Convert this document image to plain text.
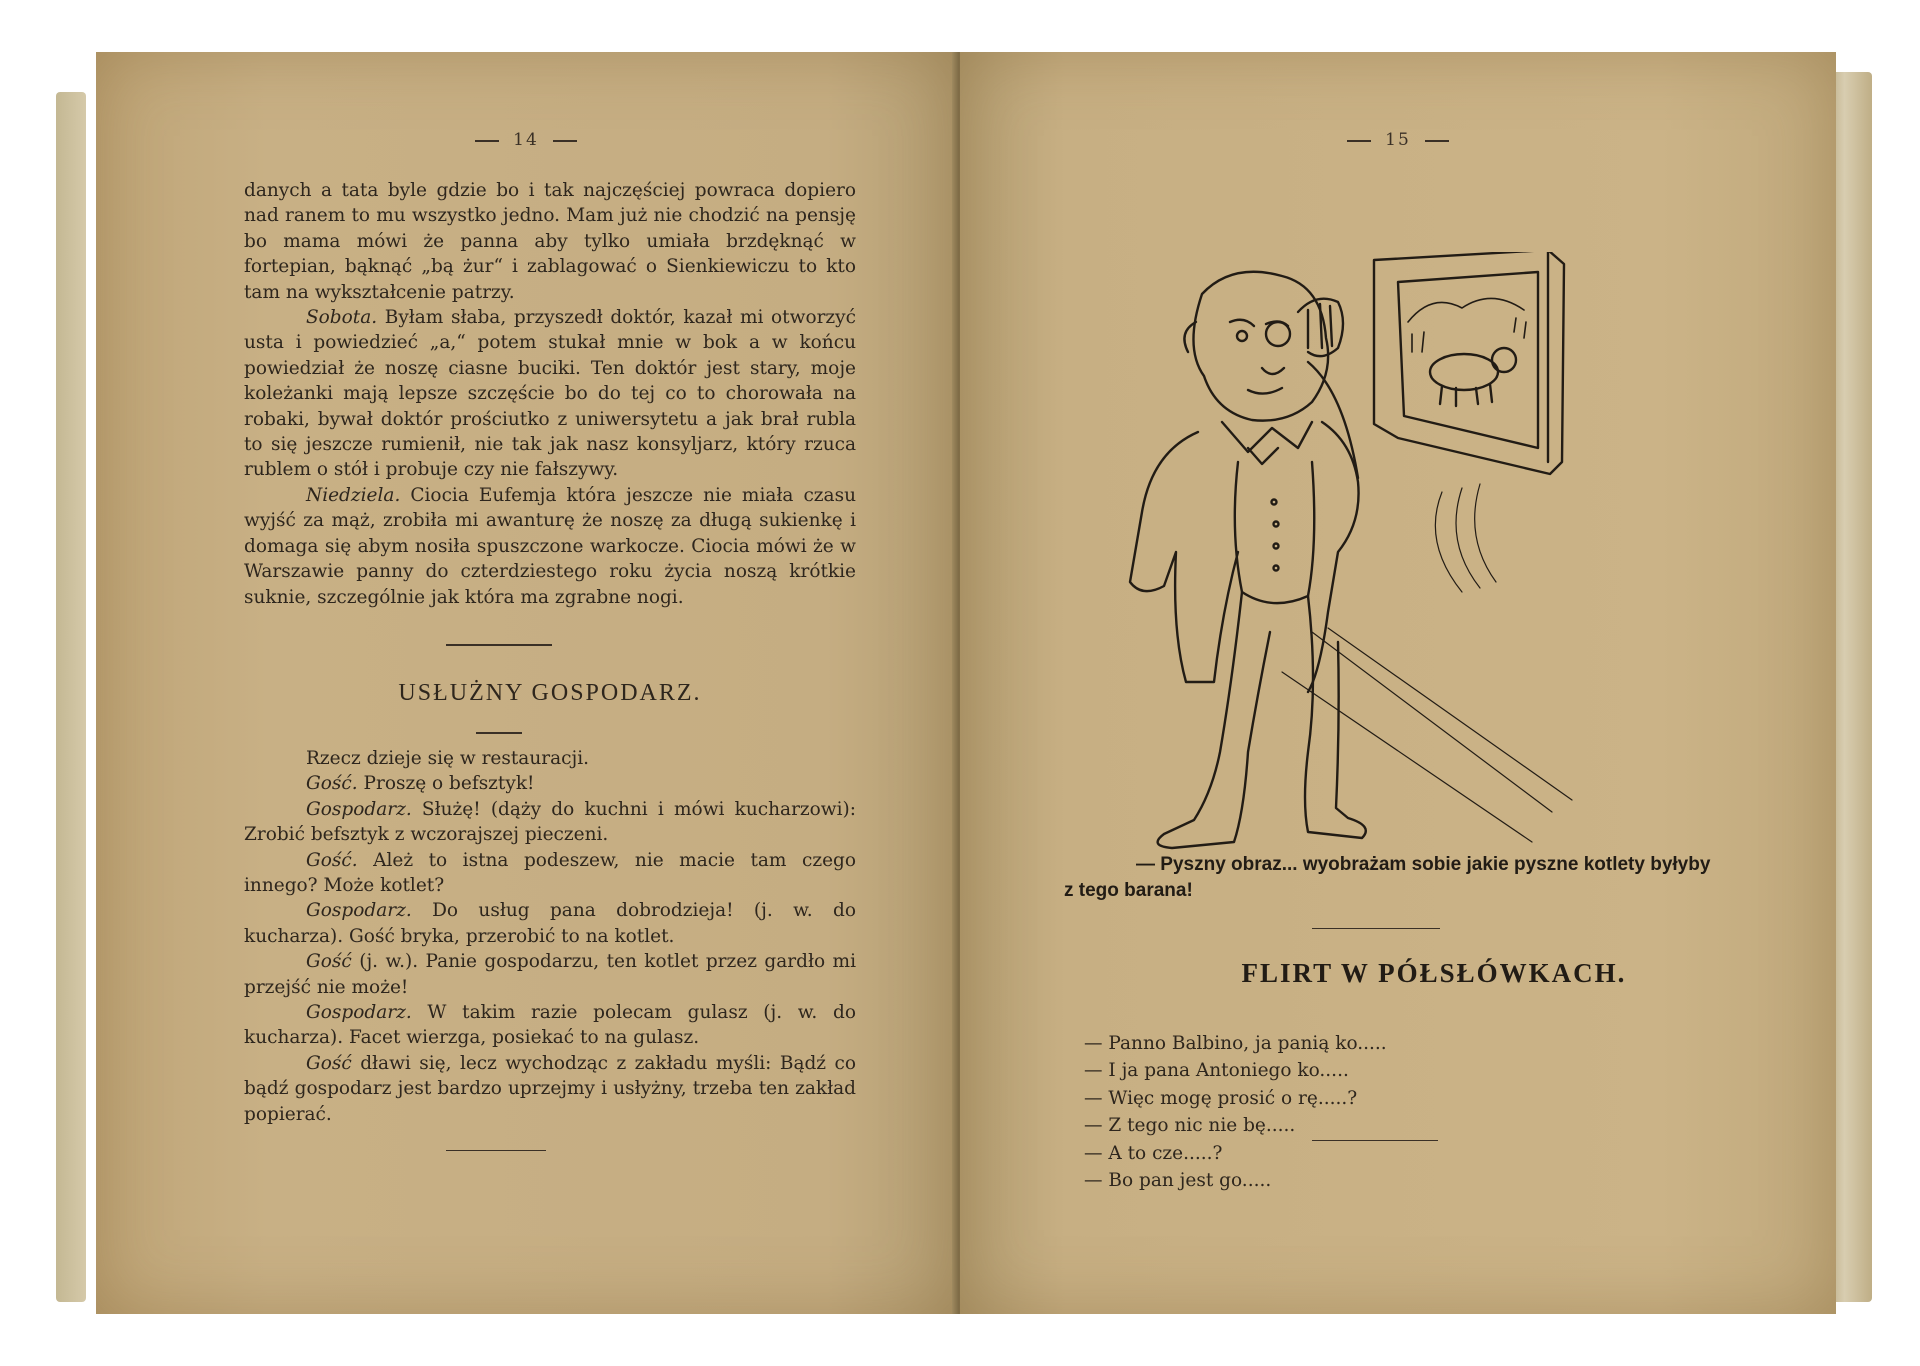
14

danych a tata byle gdzie bo i tak najczęściej powraca dopiero nad ranem to mu wszystko jedno. Mam już nie chodzić na pensję bo mama mówi że panna aby tylko umiała brzdęknąć w fortepian, bąknąć „bą żur“ i zablagować o Sienkiewiczu to kto tam na wykształcenie patrzy.

Sobota. Byłam słaba, przyszedł doktór, kazał mi otworzyć usta i powiedzieć „a,“ potem stukał mnie w bok a w końcu powiedział że noszę ciasne buciki. Ten doktór jest stary, moje koleżanki mają lepsze szczęście bo do tej co to chorowała na robaki, bywał doktór prościutko z uniwersytetu a jak brał rubla to się jeszcze rumienił, nie tak jak nasz konsyljarz, który rzuca rublem o stół i probuje czy nie fałszywy.

Niedziela. Ciocia Eufemja która jeszcze nie miała czasu wyjść za mąż, zrobiła mi awanturę że noszę za długą sukienkę i domaga się abym nosiła spuszczone warkocze. Ciocia mówi że w Warszawie panny do czterdziestego roku życia noszą krótkie suknie, szczególnie jak która ma zgrabne nogi.

USŁUŻNY GOSPODARZ.

Rzecz dzieje się w restauracji.

Gość. Proszę o befsztyk!

Gospodarz. Służę! (dąży do kuchni i mówi kucharzowi): Zrobić befsztyk z wczorajszej pieczeni.

Gość. Ależ to istna podeszew, nie macie tam czego innego? Może kotlet?

Gospodarz. Do usług pana dobrodzieja! (j. w. do kucharza). Gość bryka, przerobić to na kotlet.

Gość (j. w.). Panie gospodarzu, ten kotlet przez gardło mi przejść nie może!

Gospodarz. W takim razie polecam gulasz (j. w. do kucharza). Facet wierzga, posiekać to na gulasz.

Gość dławi się, lecz wychodząc z zakładu myśli: Bądź co bądź gospodarz jest bardzo uprzejmy i usłyżny, trzeba ten zakład popierać.

15

— Pyszny obraz... wyobrażam sobie jakie pyszne kotlety byłyby

z tego barana!

FLIRT W PÓŁSŁÓWKACH.
— Panno Balbino, ja panią ko.....
— I ja pana Antoniego ko.....
— Więc mogę prosić o rę.....?
— Z tego nic nie bę.....
— A to cze.....?
— Bo pan jest go.....
